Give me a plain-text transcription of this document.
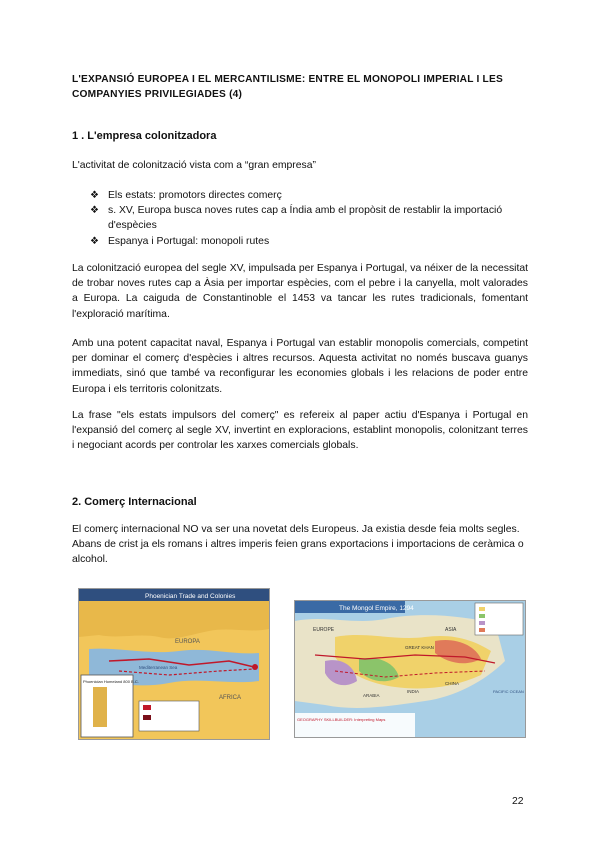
L'EXPANSIÓ EUROPEA I EL MERCANTILISME: ENTRE EL MONOPOLI IMPERIAL I LES COMPANYIES PRIVILEGIADES (4)
1 . L'empresa colonitzadora
L'activitat de colonització vista com a “gran empresa”
❖ Els estats: promotors directes comerç
❖ s. XV, Europa busca noves rutes cap a Índia amb el propòsit de restablir la importació d'espècies
❖ Espanya i Portugal: monopoli rutes
La colonització europea del segle XV, impulsada per Espanya i Portugal, va néixer de la necessitat de trobar noves rutes cap a Àsia per importar espècies, com el pebre i la canyella, molt valorades a Europa. La caiguda de Constantinoble el 1453 va tancar les rutes tradicionals, fomentant l'exploració marítima.
Amb una potent capacitat naval, Espanya i Portugal van establir monopolis comercials, competint per dominar el comerç d'espècies i altres recursos. Aquesta activitat no només buscava guanys immediats, sinó que també va reconfigurar les economies globals i les relacions de poder entre Europa i els territoris colonitzats.
La frase "els estats impulsors del comerç" es refereix al paper actiu d'Espanya i Portugal en l'expansió del comerç al segle XV, invertint en exploracions, establint monopolis, colonitzant terres i negociant acords per controlar les xarxes comercials globals.
2. Comerç Internacional
El comerç internacional NO va ser una novetat dels Europeus. Ja existia desde feia molts segles. Abans de crist ja els romans i altres imperis feien grans exportacions i importacions de ceràmica o alcohol.
Phoenician Trade and Colonies
EUROPA
AFRICA
Mediterranean Sea
Phoenician Homeland 800 B.C.
The Mongol Empire, 1294
EUROPE	ASIA
GREAT KHAN
ARABIA
INDIA
CHINA
PACIFIC OCEAN
GEOGRAPHY SKILLBUILDER: Interpreting Maps
22
